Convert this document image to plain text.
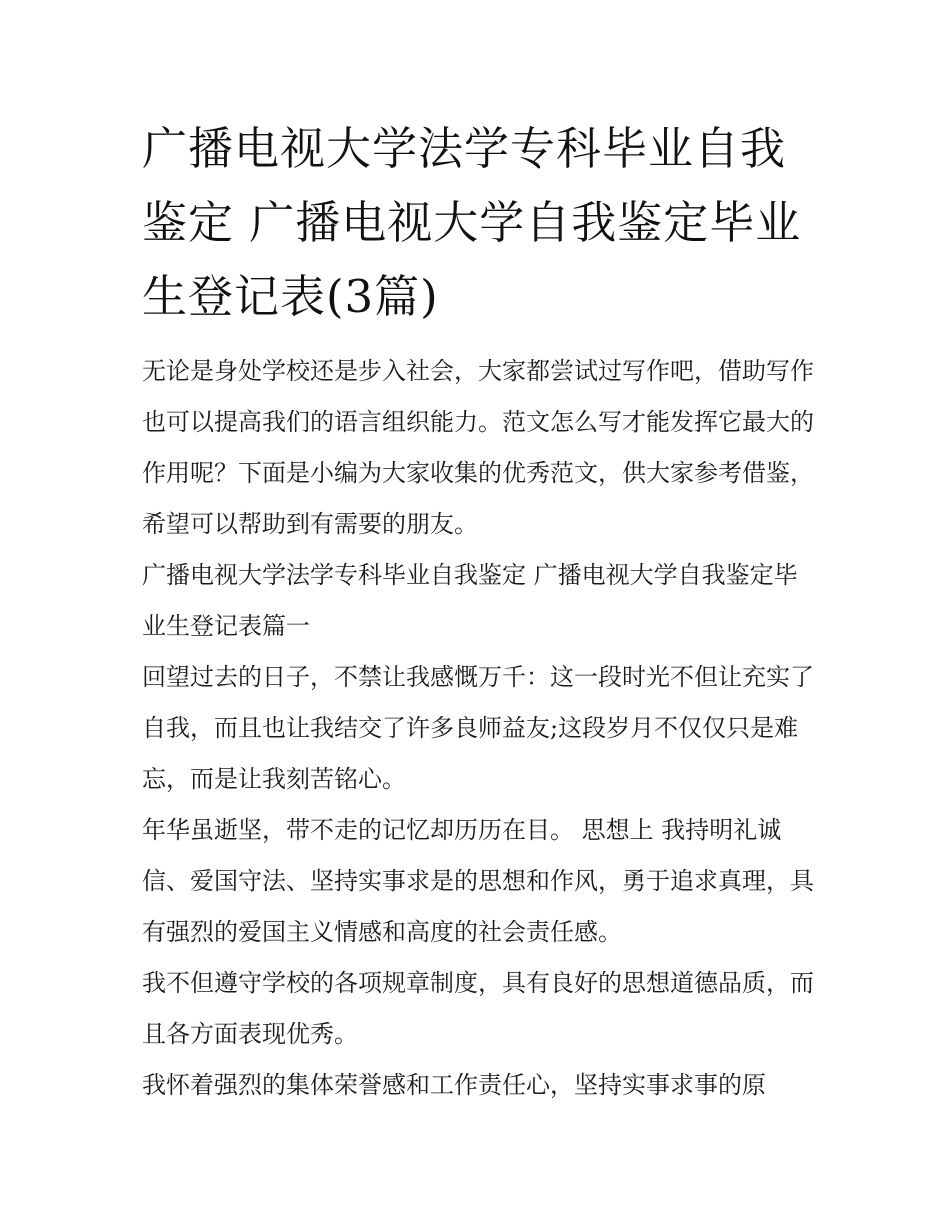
广播电视大学法学专科毕业自我鉴定 广播电视大学自我鉴定毕业生登记表(3篇)

无论是身处学校还是步入社会，大家都尝试过写作吧，借助写作也可以提高我们的语言组织能力。范文怎么写才能发挥它最大的作用呢？下面是小编为大家收集的优秀范文，供大家参考借鉴，希望可以帮助到有需要的朋友。

广播电视大学法学专科毕业自我鉴定 广播电视大学自我鉴定毕业生登记表篇一

回望过去的日子，不禁让我感慨万千：这一段时光不但让充实了自我，而且也让我结交了许多良师益友;这段岁月不仅仅只是难忘，而是让我刻苦铭心。

年华虽逝坚，带不走的记忆却历历在目。 思想上 我持明礼诚信、爱国守法、坚持实事求是的思想和作风，勇于追求真理，具有强烈的爱国主义情感和高度的社会责任感。

我不但遵守学校的各项规章制度，具有良好的思想道德品质，而且各方面表现优秀。

我怀着强烈的集体荣誉感和工作责任心，坚持实事求事的原
